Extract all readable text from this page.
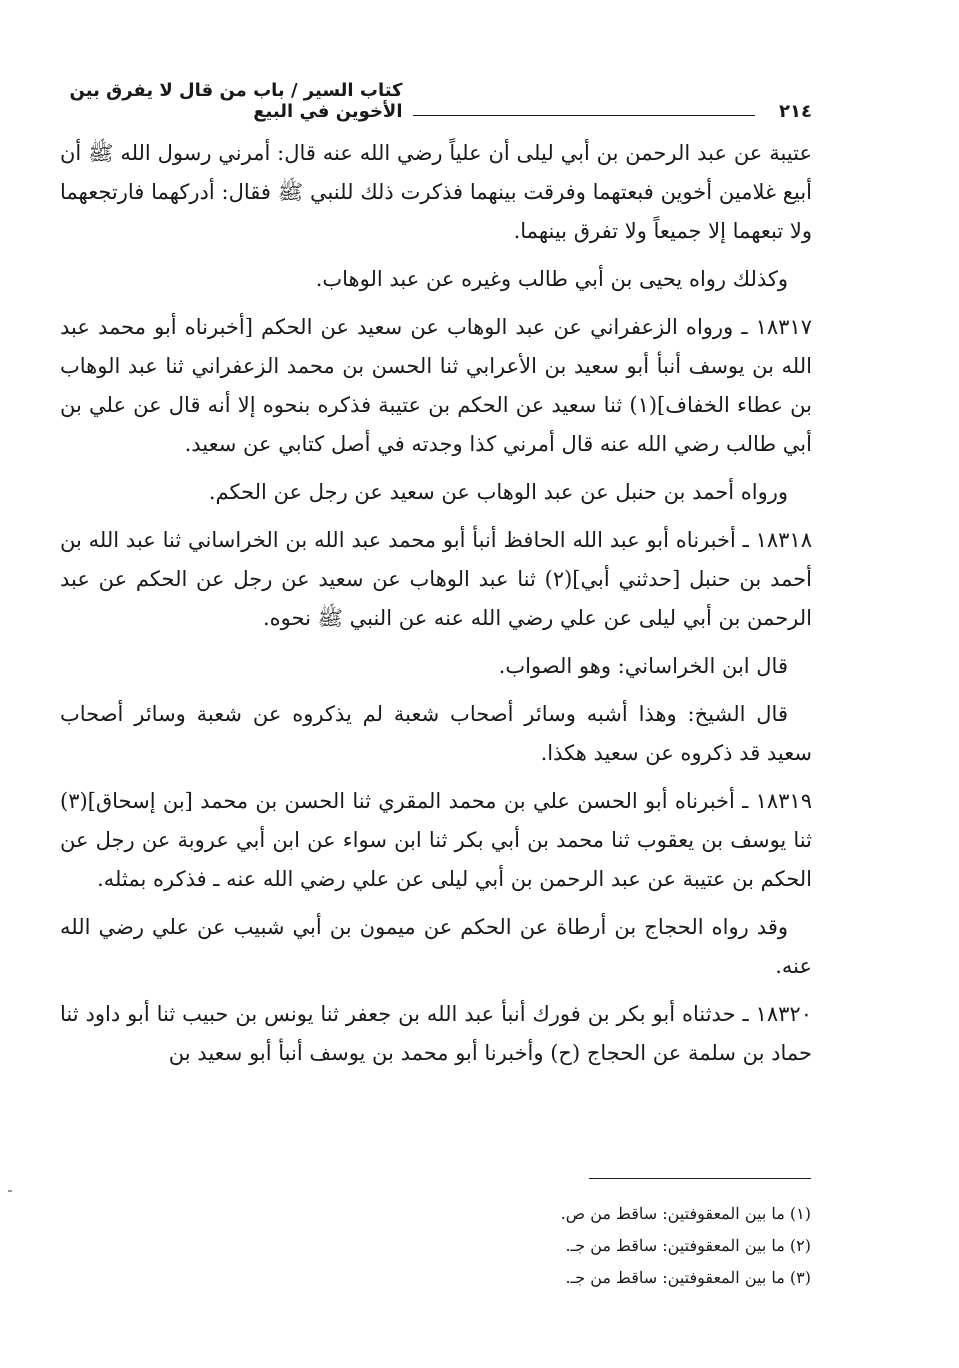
٢١٤
كتاب السير / باب من قال لا يفرق بين الأخوين في البيع

عتيبة عن عبد الرحمن بن أبي ليلى أن علياً رضي الله عنه قال: أمرني رسول الله ﷺ أن أبيع غلامين أخوين فبعتهما وفرقت بينهما فذكرت ذلك للنبي ﷺ فقال: أدركهما فارتجعهما ولا تبعهما إلا جميعاً ولا تفرق بينهما.

وكذلك رواه يحيى بن أبي طالب وغيره عن عبد الوهاب.

١٨٣١٧ ـ ورواه الزعفراني عن عبد الوهاب عن سعيد عن الحكم [أخبرناه أبو محمد عبد الله بن يوسف أنبأ أبو سعيد بن الأعرابي ثنا الحسن بن محمد الزعفراني ثنا عبد الوهاب بن عطاء الخفاف](١) ثنا سعيد عن الحكم بن عتيبة فذكره بنحوه إلا أنه قال عن علي بن أبي طالب رضي الله عنه قال أمرني كذا وجدته في أصل كتابي عن سعيد.

ورواه أحمد بن حنبل عن عبد الوهاب عن سعيد عن رجل عن الحكم.

١٨٣١٨ ـ أخبرناه أبو عبد الله الحافظ أنبأ أبو محمد عبد الله بن الخراساني ثنا عبد الله بن أحمد بن حنبل [حدثني أبي](٢) ثنا عبد الوهاب عن سعيد عن رجل عن الحكم عن عبد الرحمن بن أبي ليلى عن علي رضي الله عنه عن النبي ﷺ نحوه.

قال ابن الخراساني: وهو الصواب.

قال الشيخ: وهذا أشبه وسائر أصحاب شعبة لم يذكروه عن شعبة وسائر أصحاب سعيد قد ذكروه عن سعيد هكذا.

١٨٣١٩ ـ أخبرناه أبو الحسن علي بن محمد المقري ثنا الحسن بن محمد [بن إسحاق](٣) ثنا يوسف بن يعقوب ثنا محمد بن أبي بكر ثنا ابن سواء عن ابن أبي عروبة عن رجل عن الحكم بن عتيبة عن عبد الرحمن بن أبي ليلى عن علي رضي الله عنه ـ فذكره بمثله.

وقد رواه الحجاج بن أرطاة عن الحكم عن ميمون بن أبي شبيب عن علي رضي الله عنه.

١٨٣٢٠ ـ حدثناه أبو بكر بن فورك أنبأ عبد الله بن جعفر ثنا يونس بن حبيب ثنا أبو داود ثنا حماد بن سلمة عن الحجاج (ح) وأخبرنا أبو محمد بن يوسف أنبأ أبو سعيد بن

(١) ما بين المعقوفتين: ساقط من ص.
(٢) ما بين المعقوفتين: ساقط من جـ.
(٣) ما بين المعقوفتين: ساقط من جـ.
